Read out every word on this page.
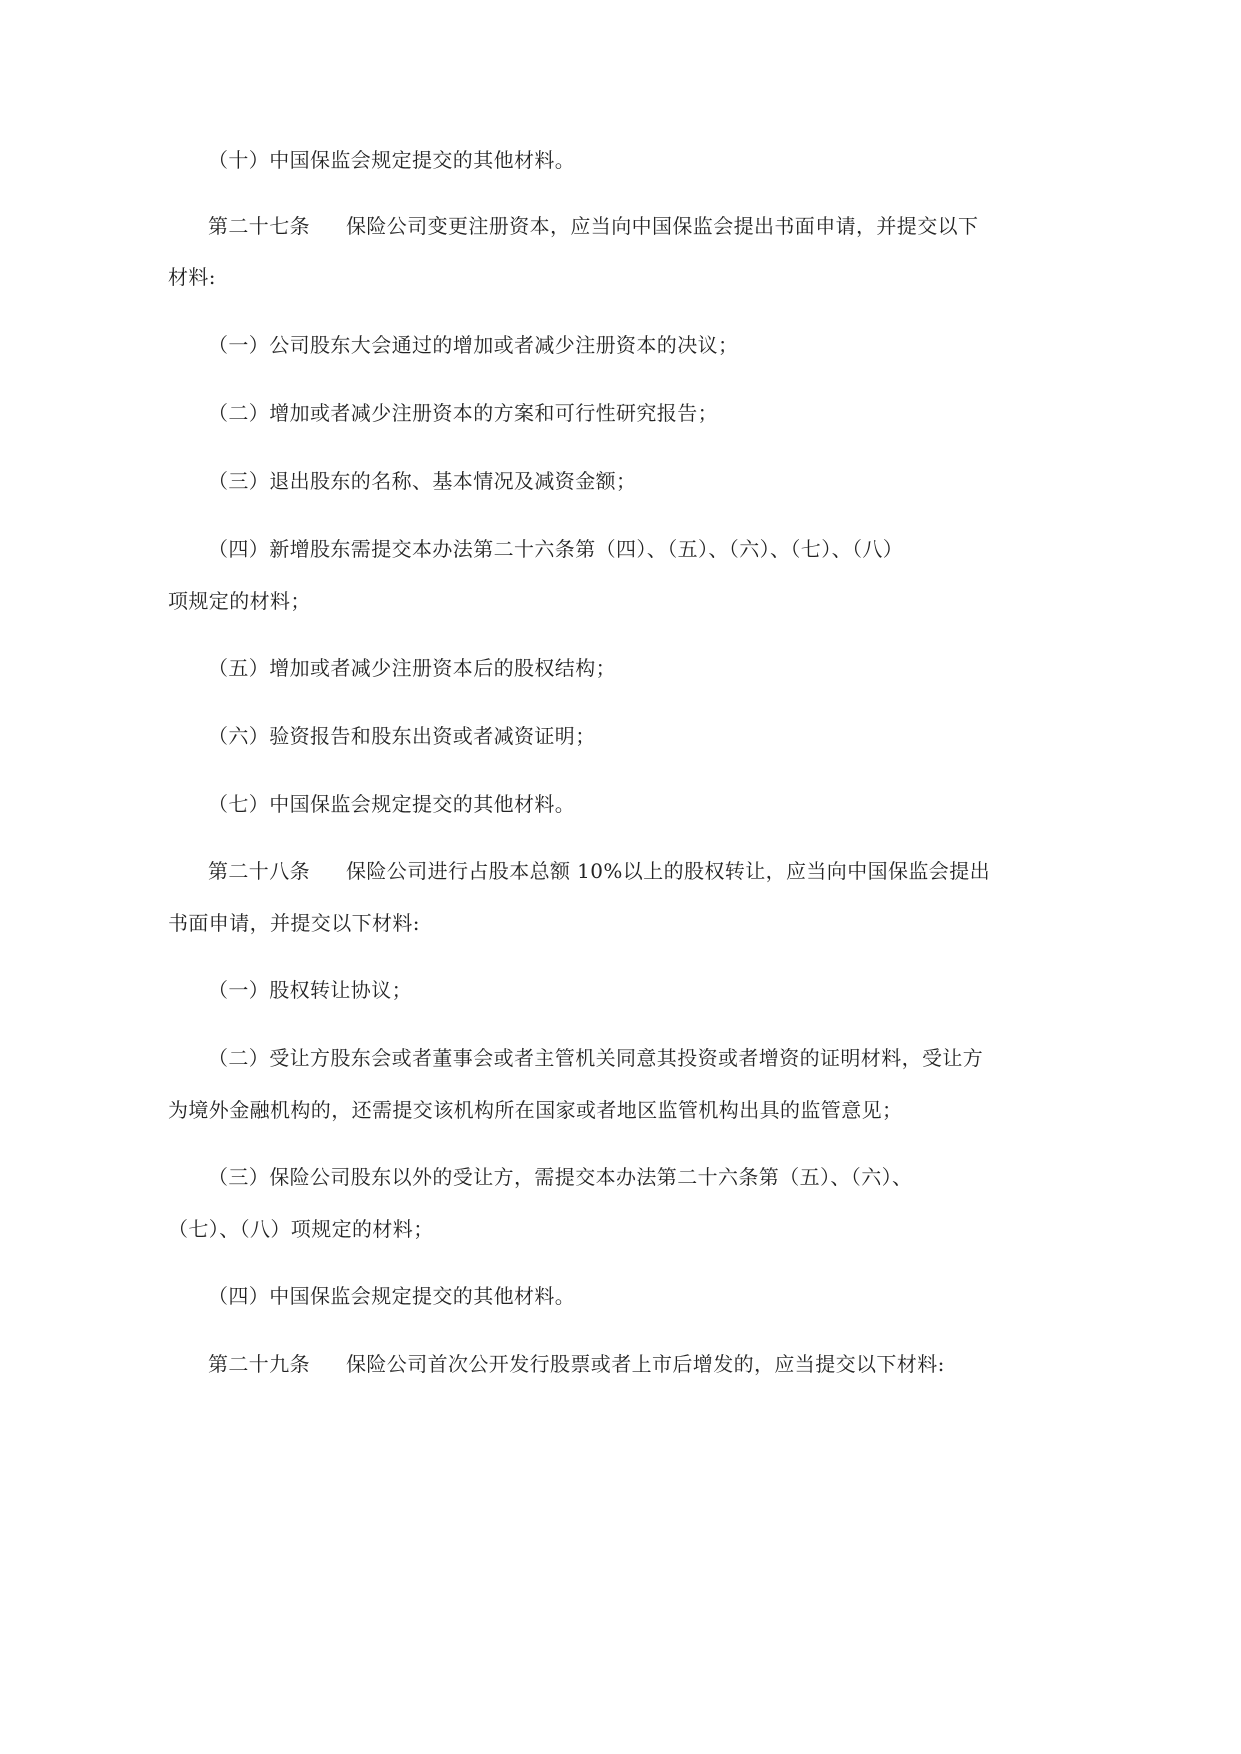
（十）中国保监会规定提交的其他材料。

第二十七条 保险公司变更注册资本，应当向中国保监会提出书面申请，并提交以下

材料:

（一）公司股东大会通过的增加或者减少注册资本的决议；

（二）增加或者减少注册资本的方案和可行性研究报告；

（三）退出股东的名称、基本情况及减资金额；

（四）新增股东需提交本办法第二十六条第（四）、（五）、（六）、（七）、（八）

项规定的材料；

（五）增加或者减少注册资本后的股权结构；

（六）验资报告和股东出资或者减资证明；

（七）中国保监会规定提交的其他材料。

第二十八条 保险公司进行占股本总额 10%以上的股权转让，应当向中国保监会提出

书面申请，并提交以下材料:

（一）股权转让协议；

（二）受让方股东会或者董事会或者主管机关同意其投资或者增资的证明材料，受让方

为境外金融机构的，还需提交该机构所在国家或者地区监管机构出具的监管意见；

（三）保险公司股东以外的受让方，需提交本办法第二十六条第（五）、（六）、

（七）、（八）项规定的材料；

（四）中国保监会规定提交的其他材料。

第二十九条 保险公司首次公开发行股票或者上市后增发的，应当提交以下材料:
